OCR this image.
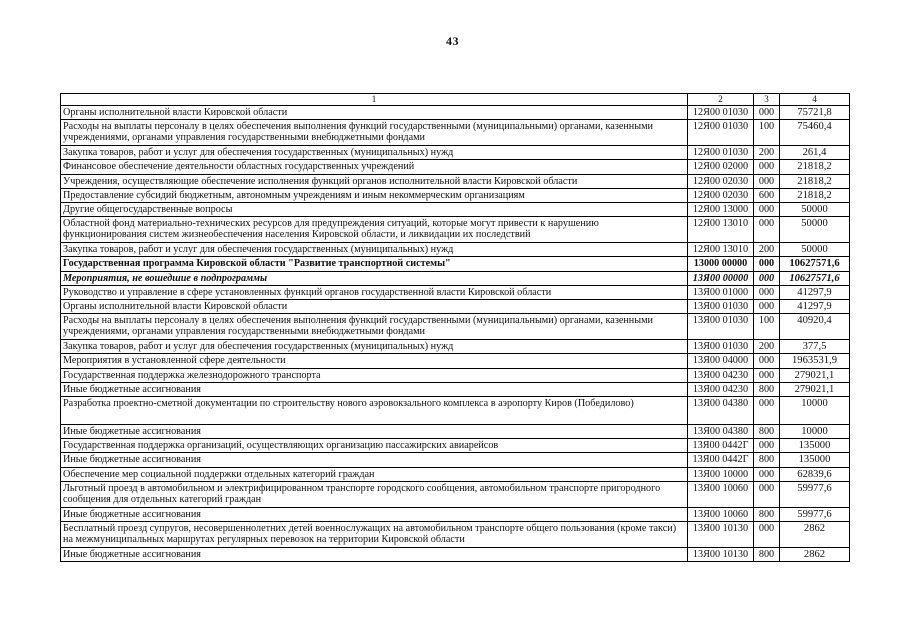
43
1	2	3	4
Органы исполнительной власти Кировской области	12Я00 01030	000	75721,8
Расходы на выплаты персоналу в целях обеспечения выполнения функций государственными (муниципальными) органами, казенными учреждениями, органами управления государственными внебюджетными фондами	12Я00 01030	100	75460,4
Закупка товаров, работ и услуг для обеспечения государственных (муниципальных) нужд	12Я00 01030	200	261,4
Финансовое обеспечение деятельности областных государственных учреждений	12Я00 02000	000	21818,2
Учреждения, осуществляющие обеспечение исполнения функций органов исполнительной власти Кировской области	12Я00 02030	000	21818,2
Предоставление субсидий бюджетным, автономным учреждениям и иным некоммерческим организациям	12Я00 02030	600	21818,2
Другие общегосударственные вопросы	12Я00 13000	000	50000
Областной фонд материально-технических ресурсов для предупреждения ситуаций, которые могут привести к нарушению функционирования систем жизнеобеспечения населения Кировской области, и ликвидации их последствий	12Я00 13010	000	50000
Закупка товаров, работ и услуг для обеспечения государственных (муниципальных) нужд	12Я00 13010	200	50000
Государственная программа Кировской области "Развитие транспортной системы"	13000 00000	000	10627571,6
Мероприятия, не вошедшие в подпрограммы	13Я00 00000	000	10627571,6
Руководство и управление в сфере установленных функций органов государственной власти Кировской области	13Я00 01000	000	41297,9
Органы исполнительной власти Кировской области	13Я00 01030	000	41297,9
Расходы на выплаты персоналу в целях обеспечения выполнения функций государственными (муниципальными) органами, казенными учреждениями, органами управления государственными внебюджетными фондами	13Я00 01030	100	40920,4
Закупка товаров, работ и услуг для обеспечения государственных (муниципальных) нужд	13Я00 01030	200	377,5
Мероприятия в установленной сфере деятельности	13Я00 04000	000	1963531,9
Государственная поддержка железнодорожного транспорта	13Я00 04230	000	279021,1
Иные бюджетные ассигнования	13Я00 04230	800	279021,1
Разработка проектно-сметной документации по строительству нового аэровокзального комплекса в аэропорту Киров (Победилово)	13Я00 04380	000	10000
Иные бюджетные ассигнования	13Я00 04380	800	10000
Государственная поддержка организаций, осуществляющих организацию пассажирских авиарейсов	13Я00 0442Г	000	135000
Иные бюджетные ассигнования	13Я00 0442Г	800	135000
Обеспечение мер социальной поддержки отдельных категорий граждан	13Я00 10000	000	62839,6
Льготный проезд в автомобильном и электрифицированном транспорте городского сообщения, автомобильном транспорте пригородного сообщения для отдельных категорий граждан	13Я00 10060	000	59977,6
Иные бюджетные ассигнования	13Я00 10060	800	59977,6
Бесплатный проезд супругов, несовершеннолетних детей военнослужащих на автомобильном транспорте общего пользования (кроме такси) на межмуниципальных маршрутах регулярных перевозок на территории Кировской области	13Я00 10130	000	2862
Иные бюджетные ассигнования	13Я00 10130	800	2862
